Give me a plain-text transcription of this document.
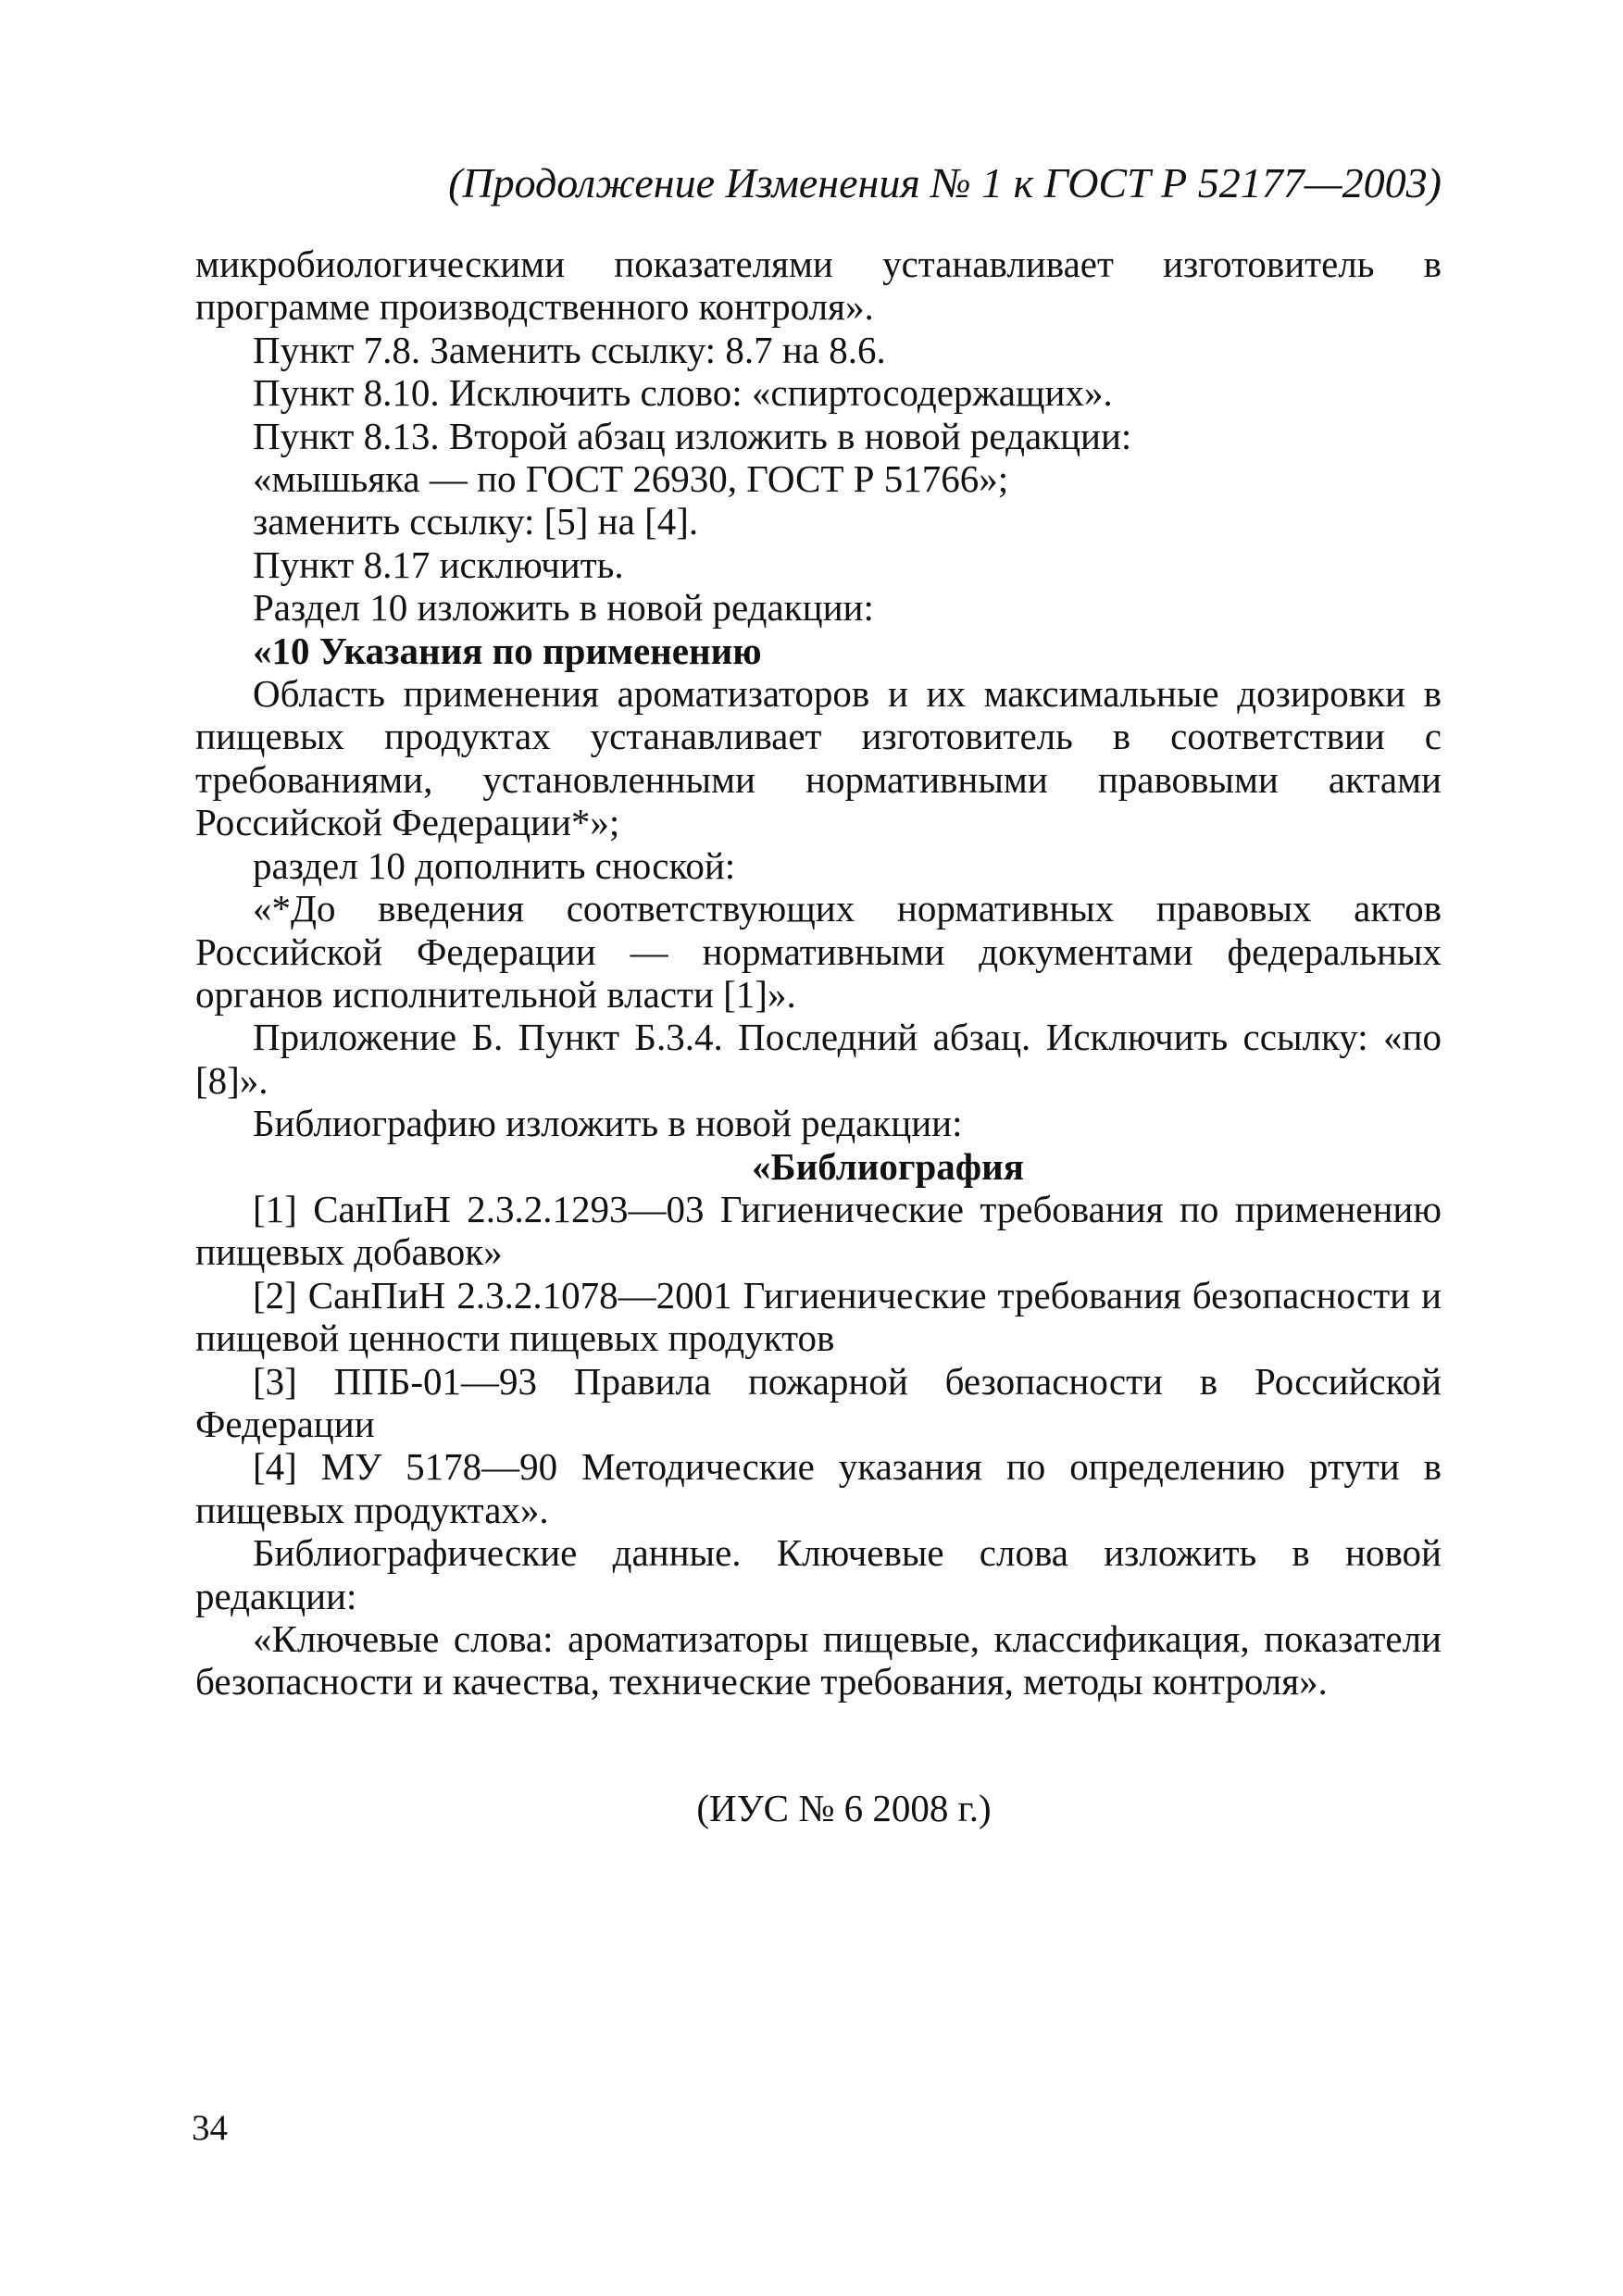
(Продолжение Изменения № 1 к ГОСТ Р 52177—2003)

микробиологическими показателями устанавливает изготовитель в программе производственного контроля».

Пункт 7.8. Заменить ссылку: 8.7 на 8.6.

Пункт 8.10. Исключить слово: «спиртосодержащих».

Пункт 8.13. Второй абзац изложить в новой редакции:

«мышьяка — по ГОСТ 26930, ГОСТ Р 51766»;

заменить ссылку: [5] на [4].

Пункт 8.17 исключить.

Раздел 10 изложить в новой редакции:

«10 Указания по применению

Область применения ароматизаторов и их максимальные дозировки в пищевых продуктах устанавливает изготовитель в соответствии с требованиями, установленными нормативными правовыми актами Российской Федерации*»;

раздел 10 дополнить сноской:

«*До введения соответствующих нормативных правовых актов Российской Федерации — нормативными документами федеральных органов исполнительной власти [1]».

Приложение Б. Пункт Б.3.4. Последний абзац. Исключить ссылку: «по [8]».

Библиографию изложить в новой редакции:

«Библиография

[1] СанПиН 2.3.2.1293—03 Гигиенические требования по применению пищевых добавок»

[2] СанПиН 2.3.2.1078—2001 Гигиенические требования безопасности и пищевой ценности пищевых продуктов

[3] ППБ-01—93 Правила пожарной безопасности в Российской Федерации

[4] МУ 5178—90 Методические указания по определению ртути в пищевых продуктах».

Библиографические данные. Ключевые слова изложить в новой редакции:

«Ключевые слова: ароматизаторы пищевые, классификация, показатели безопасности и качества, технические требования, методы контроля».

(ИУС № 6 2008 г.)
34
